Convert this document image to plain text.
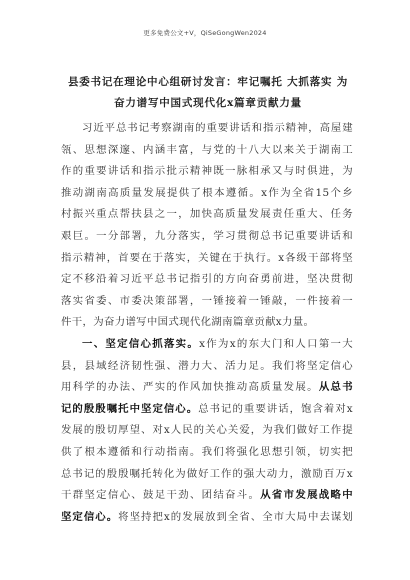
更多免费公文+V，QiSeGongWen2024
县委书记在理论中心组研讨发言：牢记嘱托 大抓落实 为
奋力谱写中国式现代化x篇章贡献力量
习近平总书记考察湖南的重要讲话和指示精神，高屋建
瓴、思想深邃、内涵丰富，与党的十八大以来关于湖南工
作的重要讲话和指示批示精神既一脉相承又与时俱进，为
推动湖南高质量发展提供了根本遵循。x作为全省15个乡
村振兴重点帮扶县之一，加快高质量发展责任重大、任务
艰巨。一分部署，九分落实，学习贯彻总书记重要讲话和
指示精神，首要在于落实，关键在于执行。x各级干部将坚
定不移沿着习近平总书记指引的方向奋勇前进，坚决贯彻
落实省委、市委决策部署，一锤接着一锤敲，一件接着一
件干，为奋力谱写中国式现代化湖南篇章贡献x力量。
一、坚定信心抓落实。x作为x的东大门和人口第一大
县，县域经济韧性强、潜力大、活力足。我们将坚定信心
用科学的办法、严实的作风加快推动高质量发展。从总书
记的殷殷嘱托中坚定信心。总书记的重要讲话，饱含着对x
发展的殷切厚望、对x人民的关心关爱，为我们做好工作提
供了根本遵循和行动指南。我们将强化思想引领，切实把
总书记的殷殷嘱托转化为做好工作的强大动力，激励百万x
干群坚定信心、鼓足干劲、团结奋斗。从省市发展战略中
坚定信心。将坚持把x的发展放到全省、全市大局中去谋划
